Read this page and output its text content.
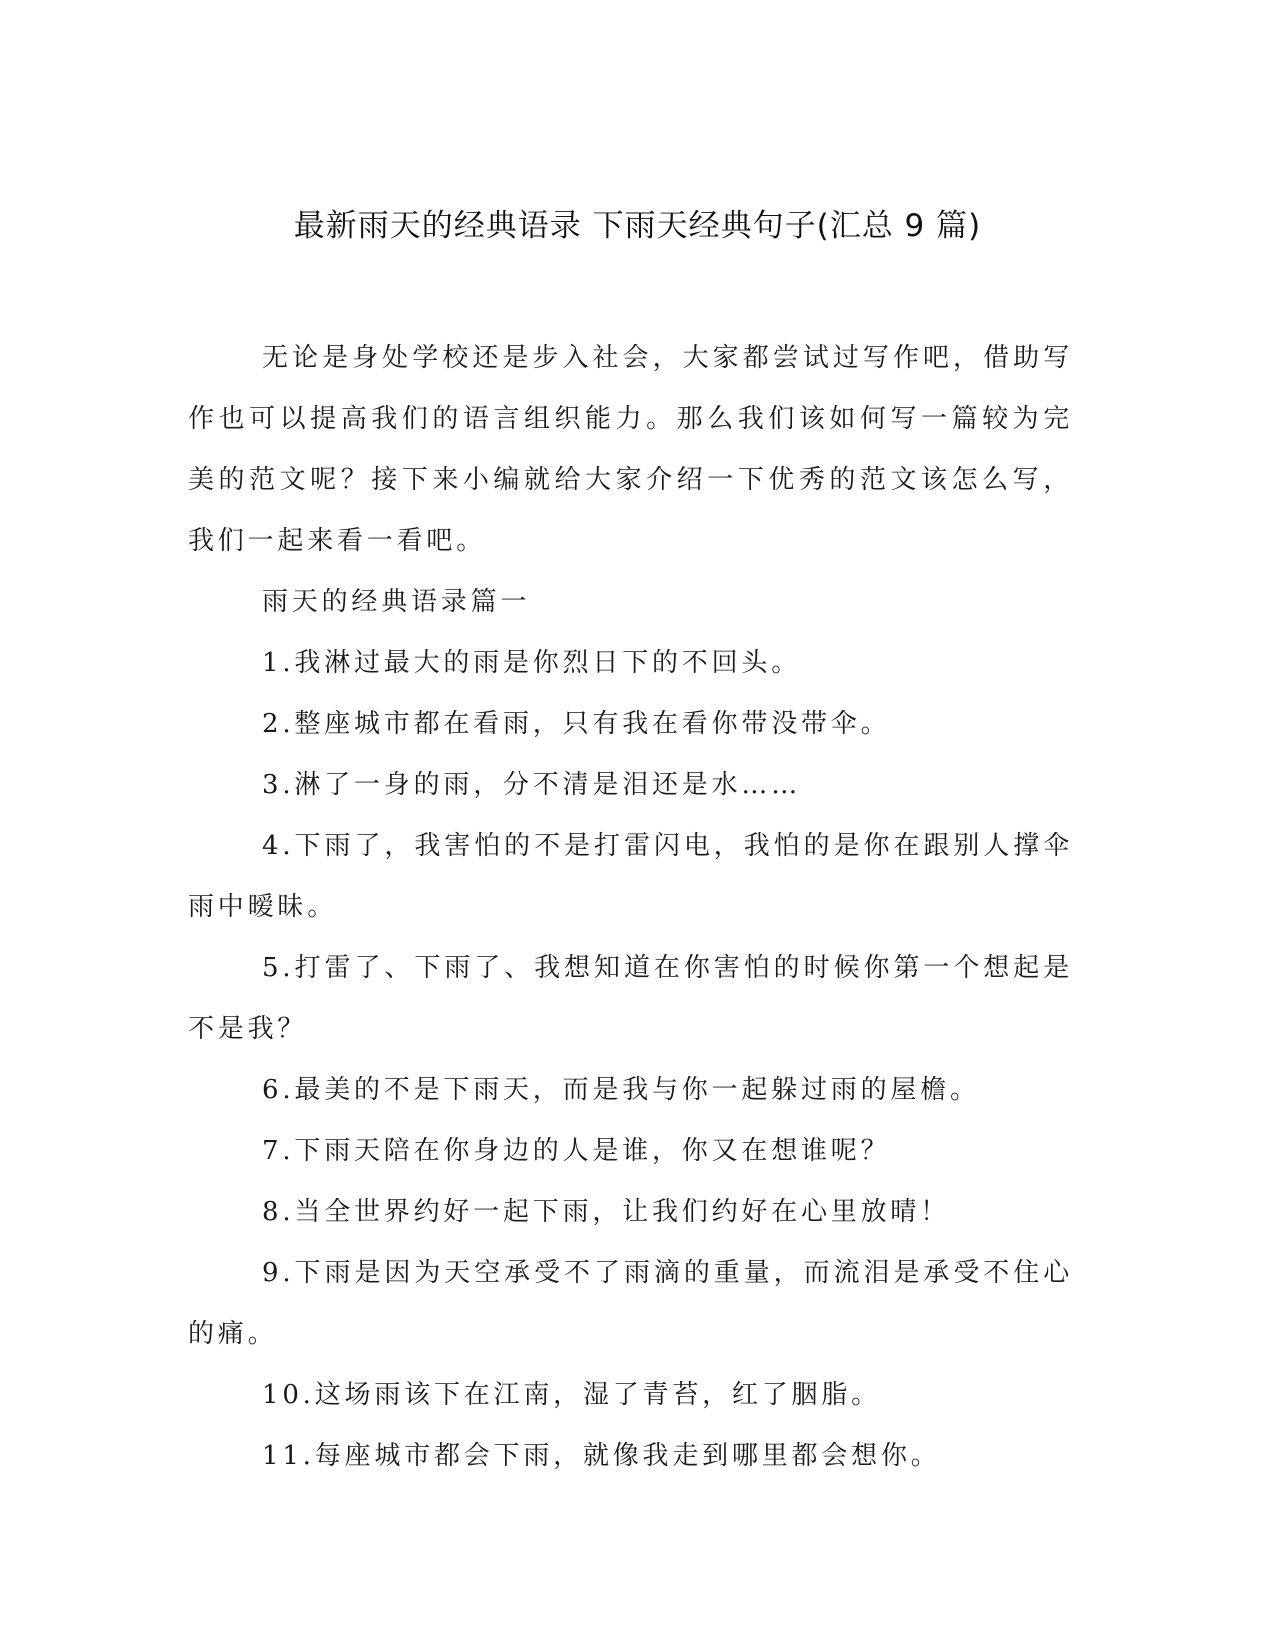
最新雨天的经典语录 下雨天经典句子(汇总 9 篇)

无论是身处学校还是步入社会，大家都尝试过写作吧，借助写作也可以提高我们的语言组织能力。那么我们该如何写一篇较为完美的范文呢？接下来小编就给大家介绍一下优秀的范文该怎么写，我们一起来看一看吧。

雨天的经典语录篇一

1.我淋过最大的雨是你烈日下的不回头。

2.整座城市都在看雨，只有我在看你带没带伞。

3.淋了一身的雨，分不清是泪还是水……

4.下雨了，我害怕的不是打雷闪电，我怕的是你在跟别人撑伞雨中暧昧。

5.打雷了、下雨了、我想知道在你害怕的时候你第一个想起是不是我？

6.最美的不是下雨天，而是我与你一起躲过雨的屋檐。

7.下雨天陪在你身边的人是谁，你又在想谁呢？

8.当全世界约好一起下雨，让我们约好在心里放晴！

9.下雨是因为天空承受不了雨滴的重量，而流泪是承受不住心的痛。

10.这场雨该下在江南，湿了青苔，红了胭脂。

11.每座城市都会下雨，就像我走到哪里都会想你。
